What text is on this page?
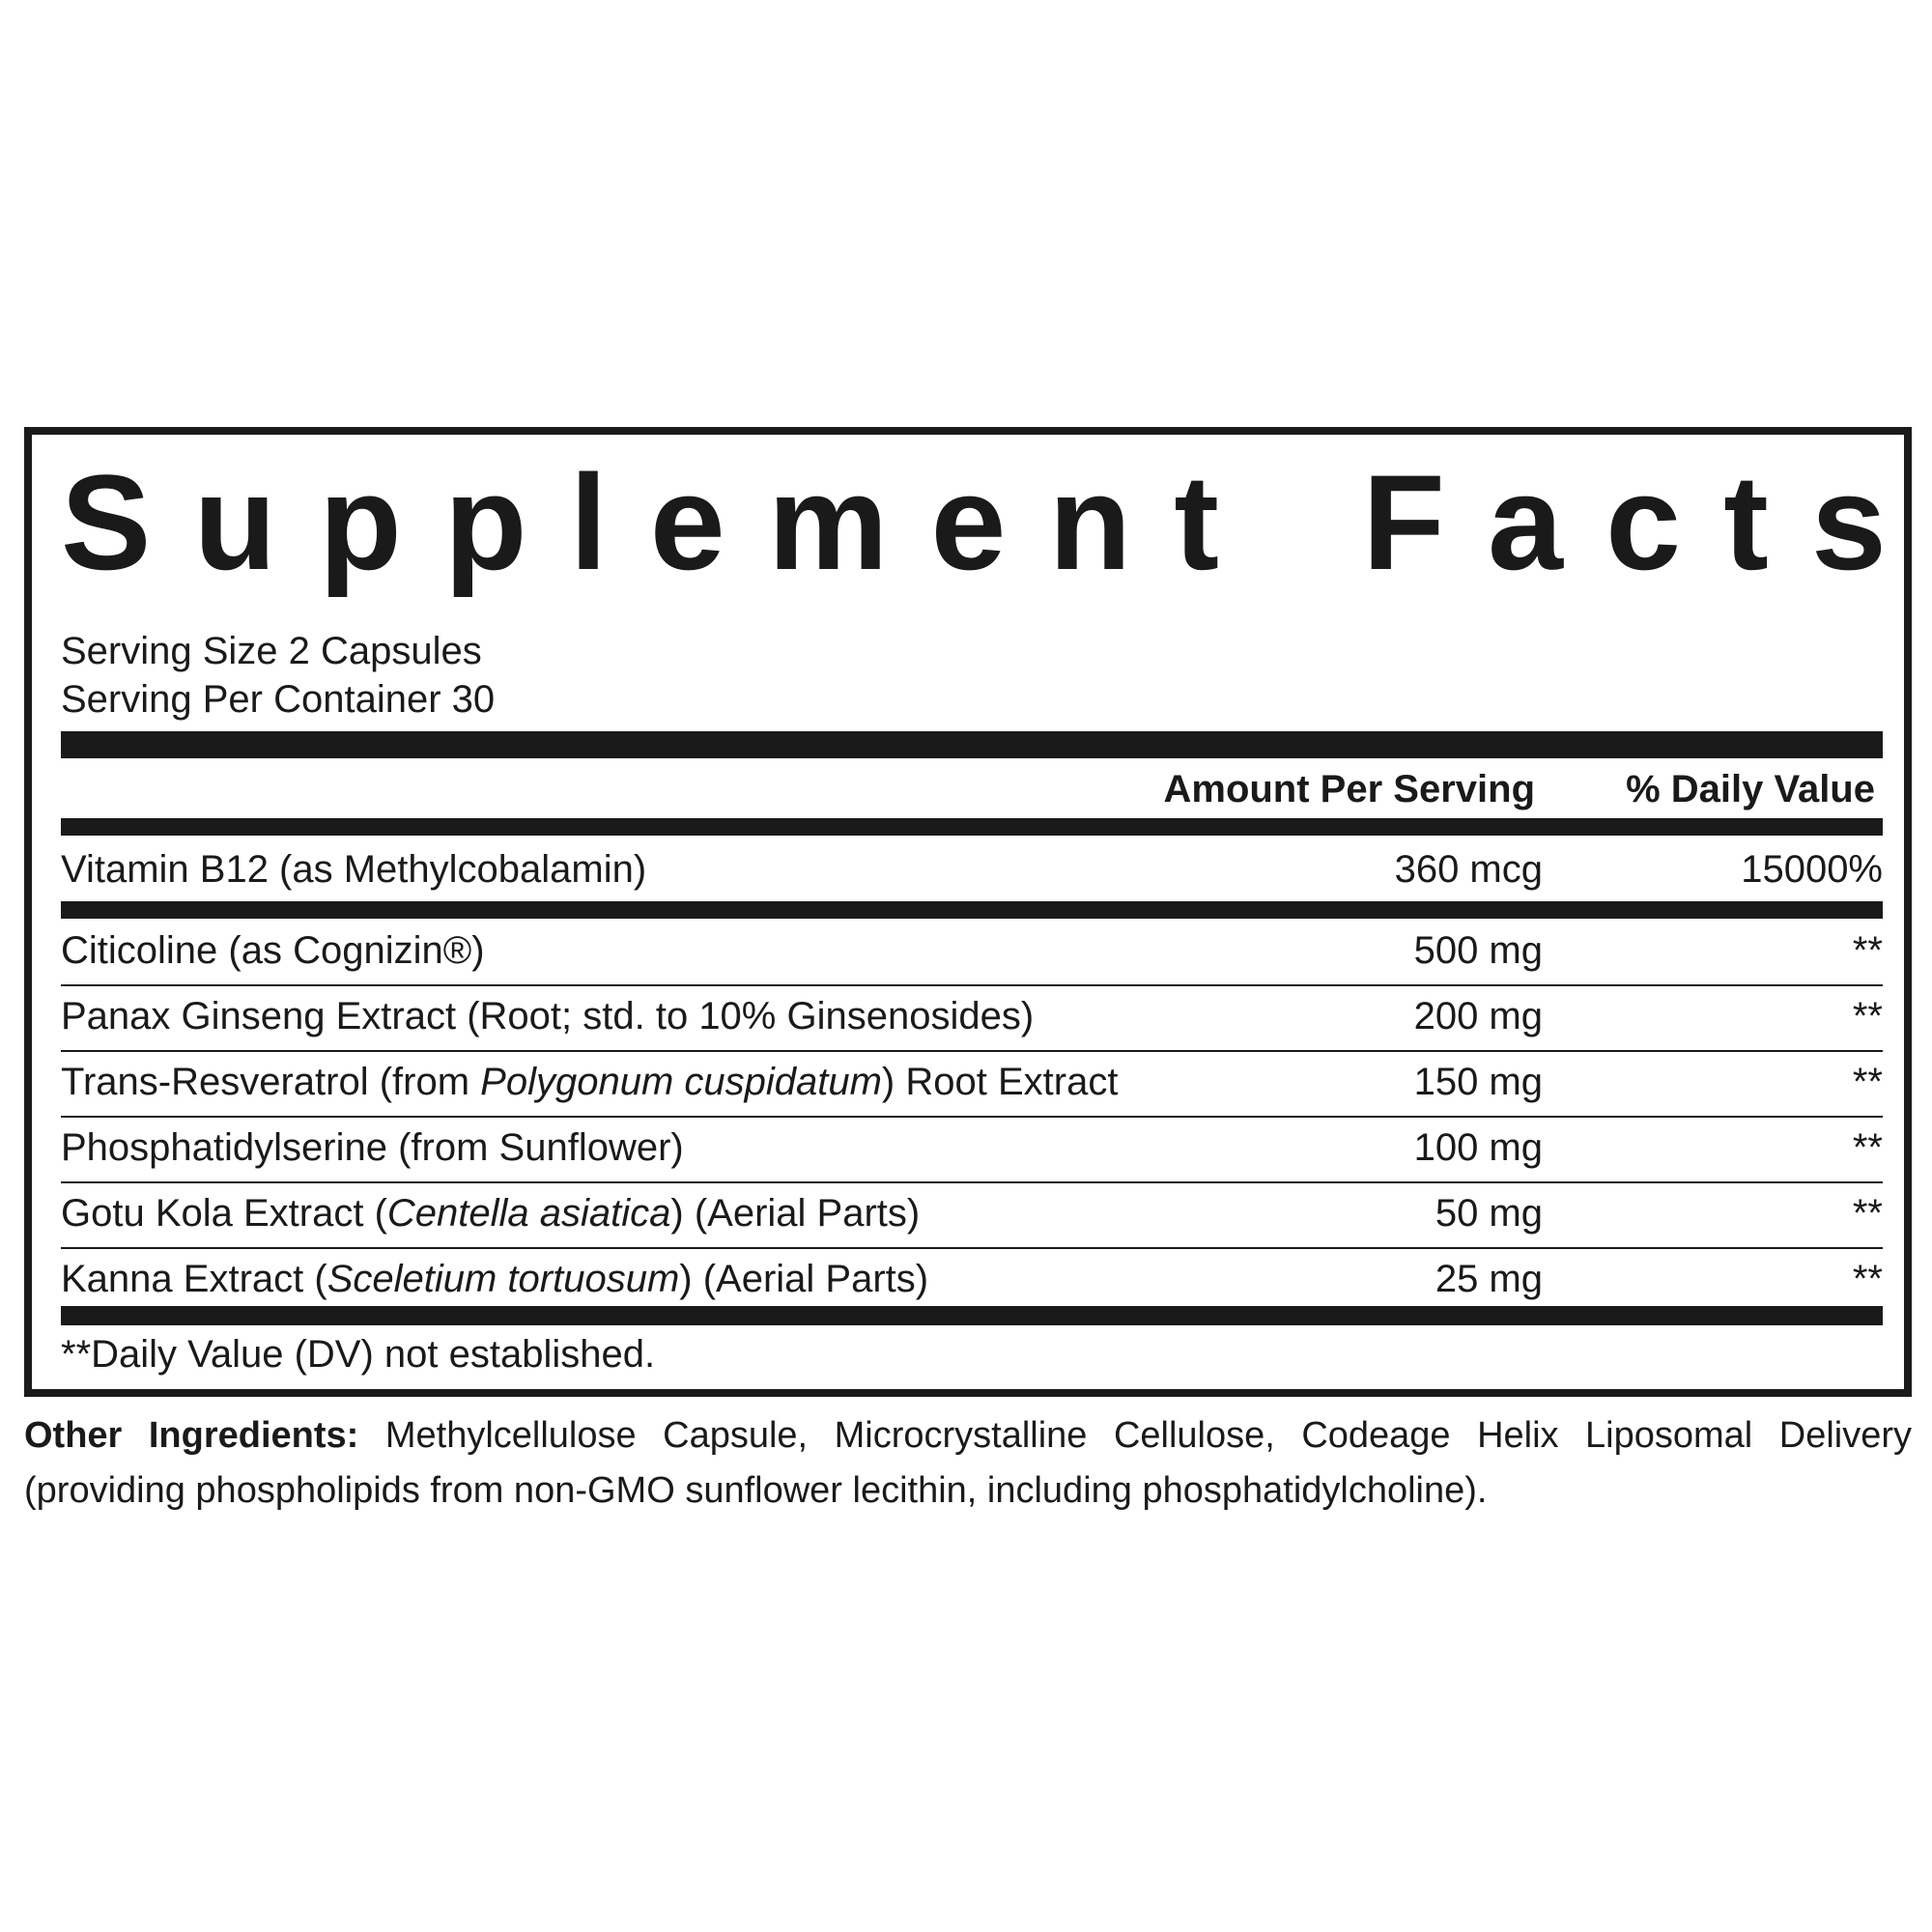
S u p p l e m e n t F a c t s
Serving Size 2 Capsules
Serving Per Container 30
Amount Per Serving % Daily Value
Vitamin B12 (as Methylcobalamin)	360 mcg	15000%
Citicoline (as Cognizin®)	500 mg	**
Panax Ginseng Extract (Root; std. to 10% Ginsenosides)	200 mg	**
Trans-Resveratrol (from Polygonum cuspidatum) Root Extract	150 mg	**
Phosphatidylserine (from Sunflower)	100 mg	**
Gotu Kola Extract (Centella asiatica) (Aerial Parts)	50 mg	**
Kanna Extract (Sceletium tortuosum) (Aerial Parts)	25 mg	**
**Daily Value (DV) not established.
Other Ingredients: Methylcellulose Capsule, Microcrystalline Cellulose, Codeage Helix Liposomal Delivery (providing phospholipids from non-GMO sunflower lecithin, including phosphatidylcholine).
